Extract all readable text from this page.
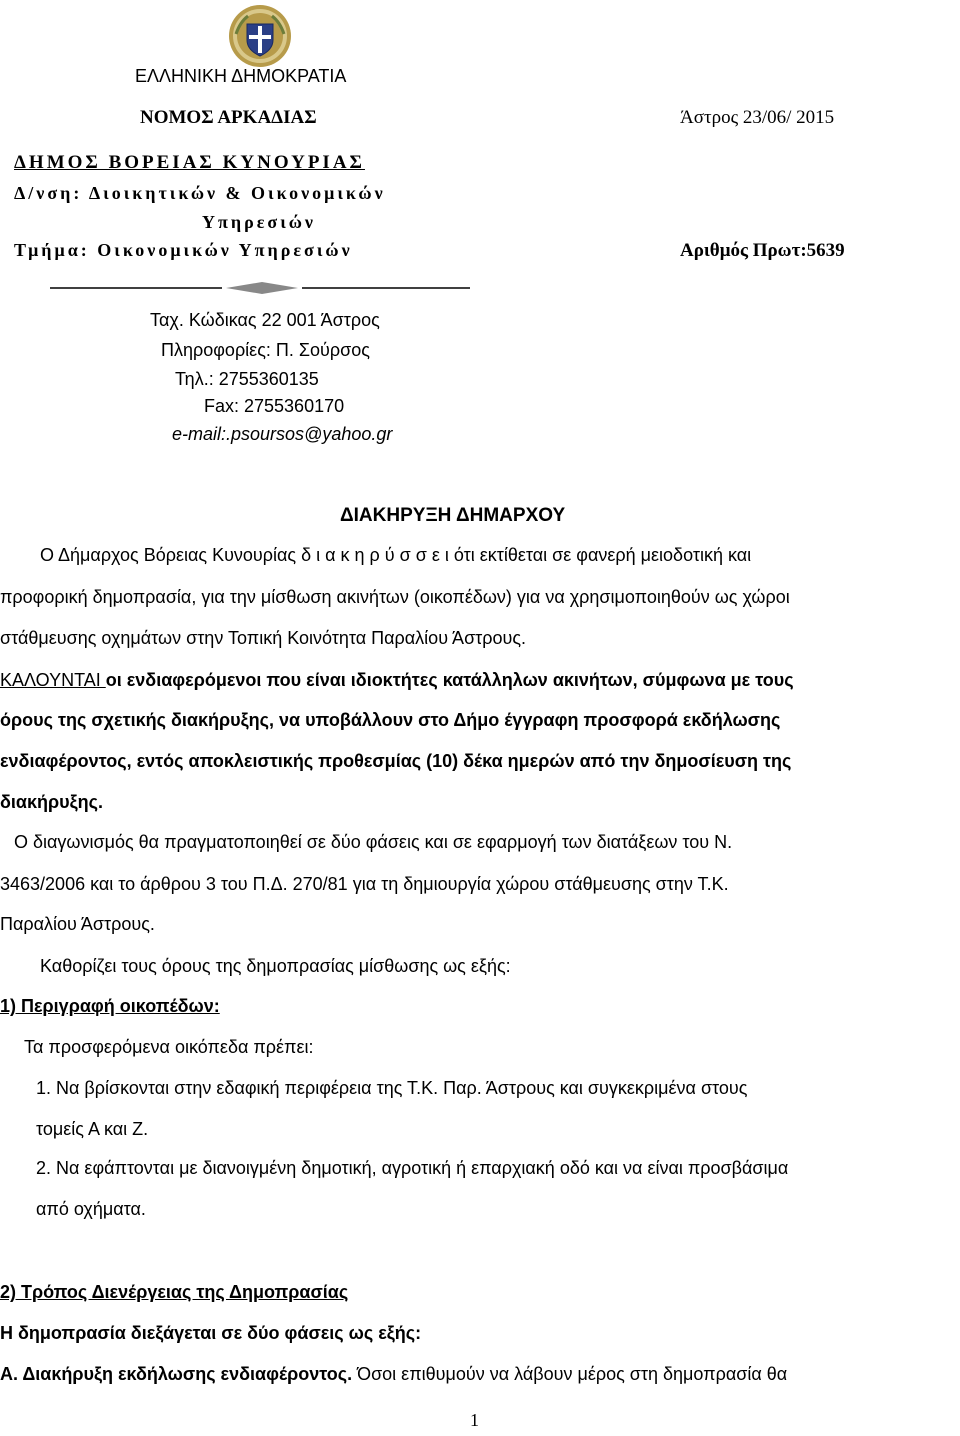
ΕΛΛΗΝΙΚΗ ΔΗΜΟΚΡΑΤΙΑ
ΝΟΜΟΣ ΑΡΚΑΔΙΑΣ	Άστρος 23/06/ 2015
ΔΗΜΟΣ ΒΟΡΕΙΑΣ ΚΥΝΟΥΡΙΑΣ
Δ/νση: Διοικητικών & Οικονομικών
Υπηρεσιών
Τμήμα: Οικονομικών Υπηρεσιών	Αριθμός Πρωτ:5639
Ταχ. Κώδικας 22 001 Άστρος
Πληροφορίες: Π. Σούρσος
Τηλ.: 2755360135
Fax: 2755360170
e-mail:.psoursos@yahoo.gr
ΔΙΑΚΗΡΥΞΗ ΔΗΜΑΡΧΟΥ
Ο Δήμαρχος Βόρειας Κυνουρίας δ ι α κ η ρ ύ σ σ ε ι ότι εκτίθεται σε φανερή μειοδοτική και
προφορική δημοπρασία, για την μίσθωση ακινήτων (οικοπέδων) για να χρησιμοποιηθούν ως χώροι
στάθμευσης οχημάτων στην Τοπική Κοινότητα Παραλίου Άστρους.
ΚΑΛΟΥΝΤΑΙ οι ενδιαφερόμενοι που είναι ιδιοκτήτες κατάλληλων ακινήτων, σύμφωνα με τους
όρους της σχετικής διακήρυξης, να υποβάλλουν στο Δήμο έγγραφη προσφορά εκδήλωσης
ενδιαφέροντος, εντός αποκλειστικής προθεσμίας (10) δέκα ημερών από την δημοσίευση της
διακήρυξης.
Ο διαγωνισμός θα πραγματοποιηθεί σε δύο φάσεις και σε εφαρμογή των διατάξεων του Ν.
3463/2006 και το άρθρου 3 του Π.Δ. 270/81 για τη δημιουργία χώρου στάθμευσης στην Τ.Κ.
Παραλίου Άστρους.
Καθορίζει τους όρους της δημοπρασίας μίσθωσης ως εξής:
1) Περιγραφή οικοπέδων:
Τα προσφερόμενα οικόπεδα πρέπει:
1. Να βρίσκονται στην εδαφική περιφέρεια της Τ.Κ. Παρ. Άστρους και συγκεκριμένα στους
τομείς Α και Ζ.
2. Να εφάπτονται με διανοιγμένη δημοτική, αγροτική ή επαρχιακή οδό και να είναι προσβάσιμα
από οχήματα.
2) Τρόπος Διενέργειας της Δημοπρασίας
Η δημοπρασία διεξάγεται σε δύο φάσεις ως εξής:
Α. Διακήρυξη εκδήλωσης ενδιαφέροντος. Όσοι επιθυμούν να λάβουν μέρος στη δημοπρασία θα
1
